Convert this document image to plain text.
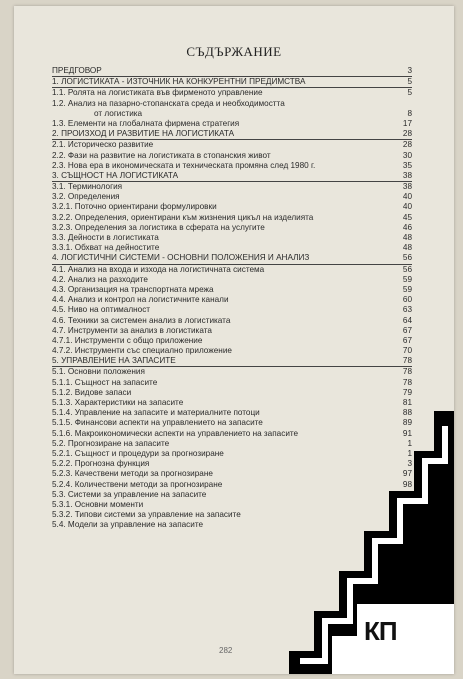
СЪДЪРЖАНИЕ
ПРЕДГОВОР	3
1. ЛОГИСТИКАТА - ИЗТОЧНИК НА КОНКУРЕНТНИ ПРЕДИМСТВА	5
1.1. Ролята на логистиката във фирменото управление	5
1.2. Анализ на пазарно-стопанската среда и необходимостта
от логистика	8
1.3. Елементи на глобалната фирмена стратегия	17
2. ПРОИЗХОД И РАЗВИТИЕ НА ЛОГИСТИКАТА	28
2.1. Историческо развитие	28
2.2. Фази на развитие на логистиката в стопанския живот	30
2.3. Нова ера в икономическата и техническата промяна след 1980 г.	35
3. СЪЩНОСТ НА ЛОГИСТИКАТА	38
3.1. Терминология	38
3.2. Определения	40
3.2.1. Поточно ориентирани формулировки	40
3.2.2. Определения, ориентирани към жизнения цикъл на изделията	45
3.2.3. Определения за логистика в сферата на услугите	46
3.3. Дейности в логистиката	48
3.3.1. Обхват на дейностите	48
4. ЛОГИСТИЧНИ СИСТЕМИ - ОСНОВНИ ПОЛОЖЕНИЯ И АНАЛИЗ	56
4.1. Анализ на входа и изхода на логистичната система	56
4.2. Анализ на разходите	59
4.3. Организация на транспортната мрежа	59
4.4. Анализ и контрол на логистичните канали	60
4.5. Ниво на оптималност	63
4.6. Техники за системен анализ в логистиката	64
4.7. Инструменти за анализ в логистиката	67
4.7.1. Инструменти с общо приложение	67
4.7.2. Инструменти със специално приложение	70
5. УПРАВЛЕНИЕ НА ЗАПАСИТЕ	78
5.1. Основни положения	78
5.1.1. Същност на запасите	78
5.1.2. Видове запаси	79
5.1.3. Характеристики на запасите	81
5.1.4. Управление на запасите и материалните потоци	88
5.1.5. Финансови аспекти на управлението на запасите	89
5.1.6. Макроикономически аспекти на управлението на запасите	91
5.2. Прогнозиране на запасите	1
5.2.1. Същност и процедури за прогнозиране	1
5.2.2. Прогнозна функция	3
5.2.3. Качествени методи за прогнозиране	97
5.2.4. Количествени методи за прогнозиране	98
5.3. Системи за управление на запасите
5.3.1. Основни моменти
5.3.2. Типови системи за управление на запасите
5.4. Модели за управление на запасите
282
КП
